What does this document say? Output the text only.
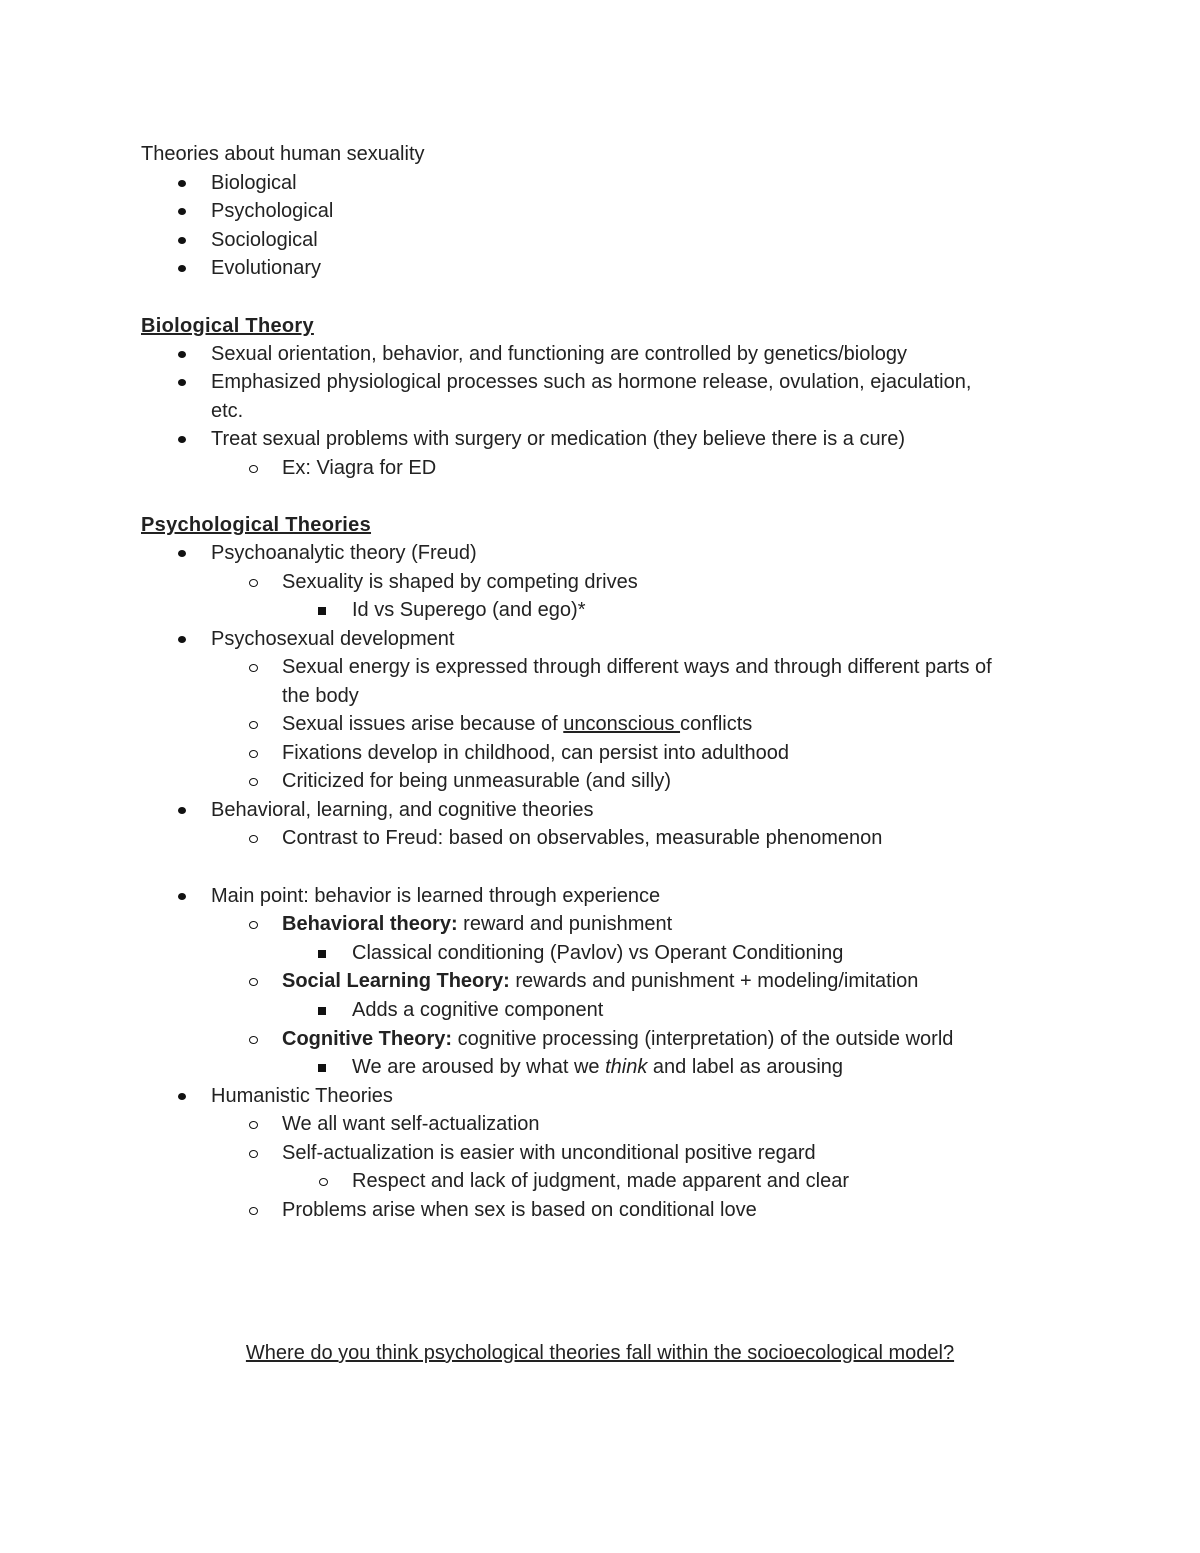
Theories about human sexuality
Biological
Psychological
Sociological
Evolutionary
Biological Theory
Sexual orientation, behavior, and functioning are controlled by genetics/biology
Emphasized physiological processes such as hormone release, ovulation, ejaculation,
etc.
Treat sexual problems with surgery or medication (they believe there is a cure)
Ex: Viagra for ED
Psychological Theories
Psychoanalytic theory (Freud)
Sexuality is shaped by competing drives
Id vs Superego (and ego)*
Psychosexual development
Sexual energy is expressed through different ways and through different parts of
the body
Sexual issues arise because of unconscious conflicts
Fixations develop in childhood, can persist into adulthood
Criticized for being unmeasurable (and silly)
Behavioral, learning, and cognitive theories
Contrast to Freud: based on observables, measurable phenomenon
Main point: behavior is learned through experience
Behavioral theory: reward and punishment
Classical conditioning (Pavlov) vs Operant Conditioning
Social Learning Theory: rewards and punishment + modeling/imitation
Adds a cognitive component
Cognitive Theory: cognitive processing (interpretation) of the outside world
We are aroused by what we think and label as arousing
Humanistic Theories
We all want self-actualization
Self-actualization is easier with unconditional positive regard
Respect and lack of judgment, made apparent and clear
Problems arise when sex is based on conditional love
Where do you think psychological theories fall within the socioecological model?
